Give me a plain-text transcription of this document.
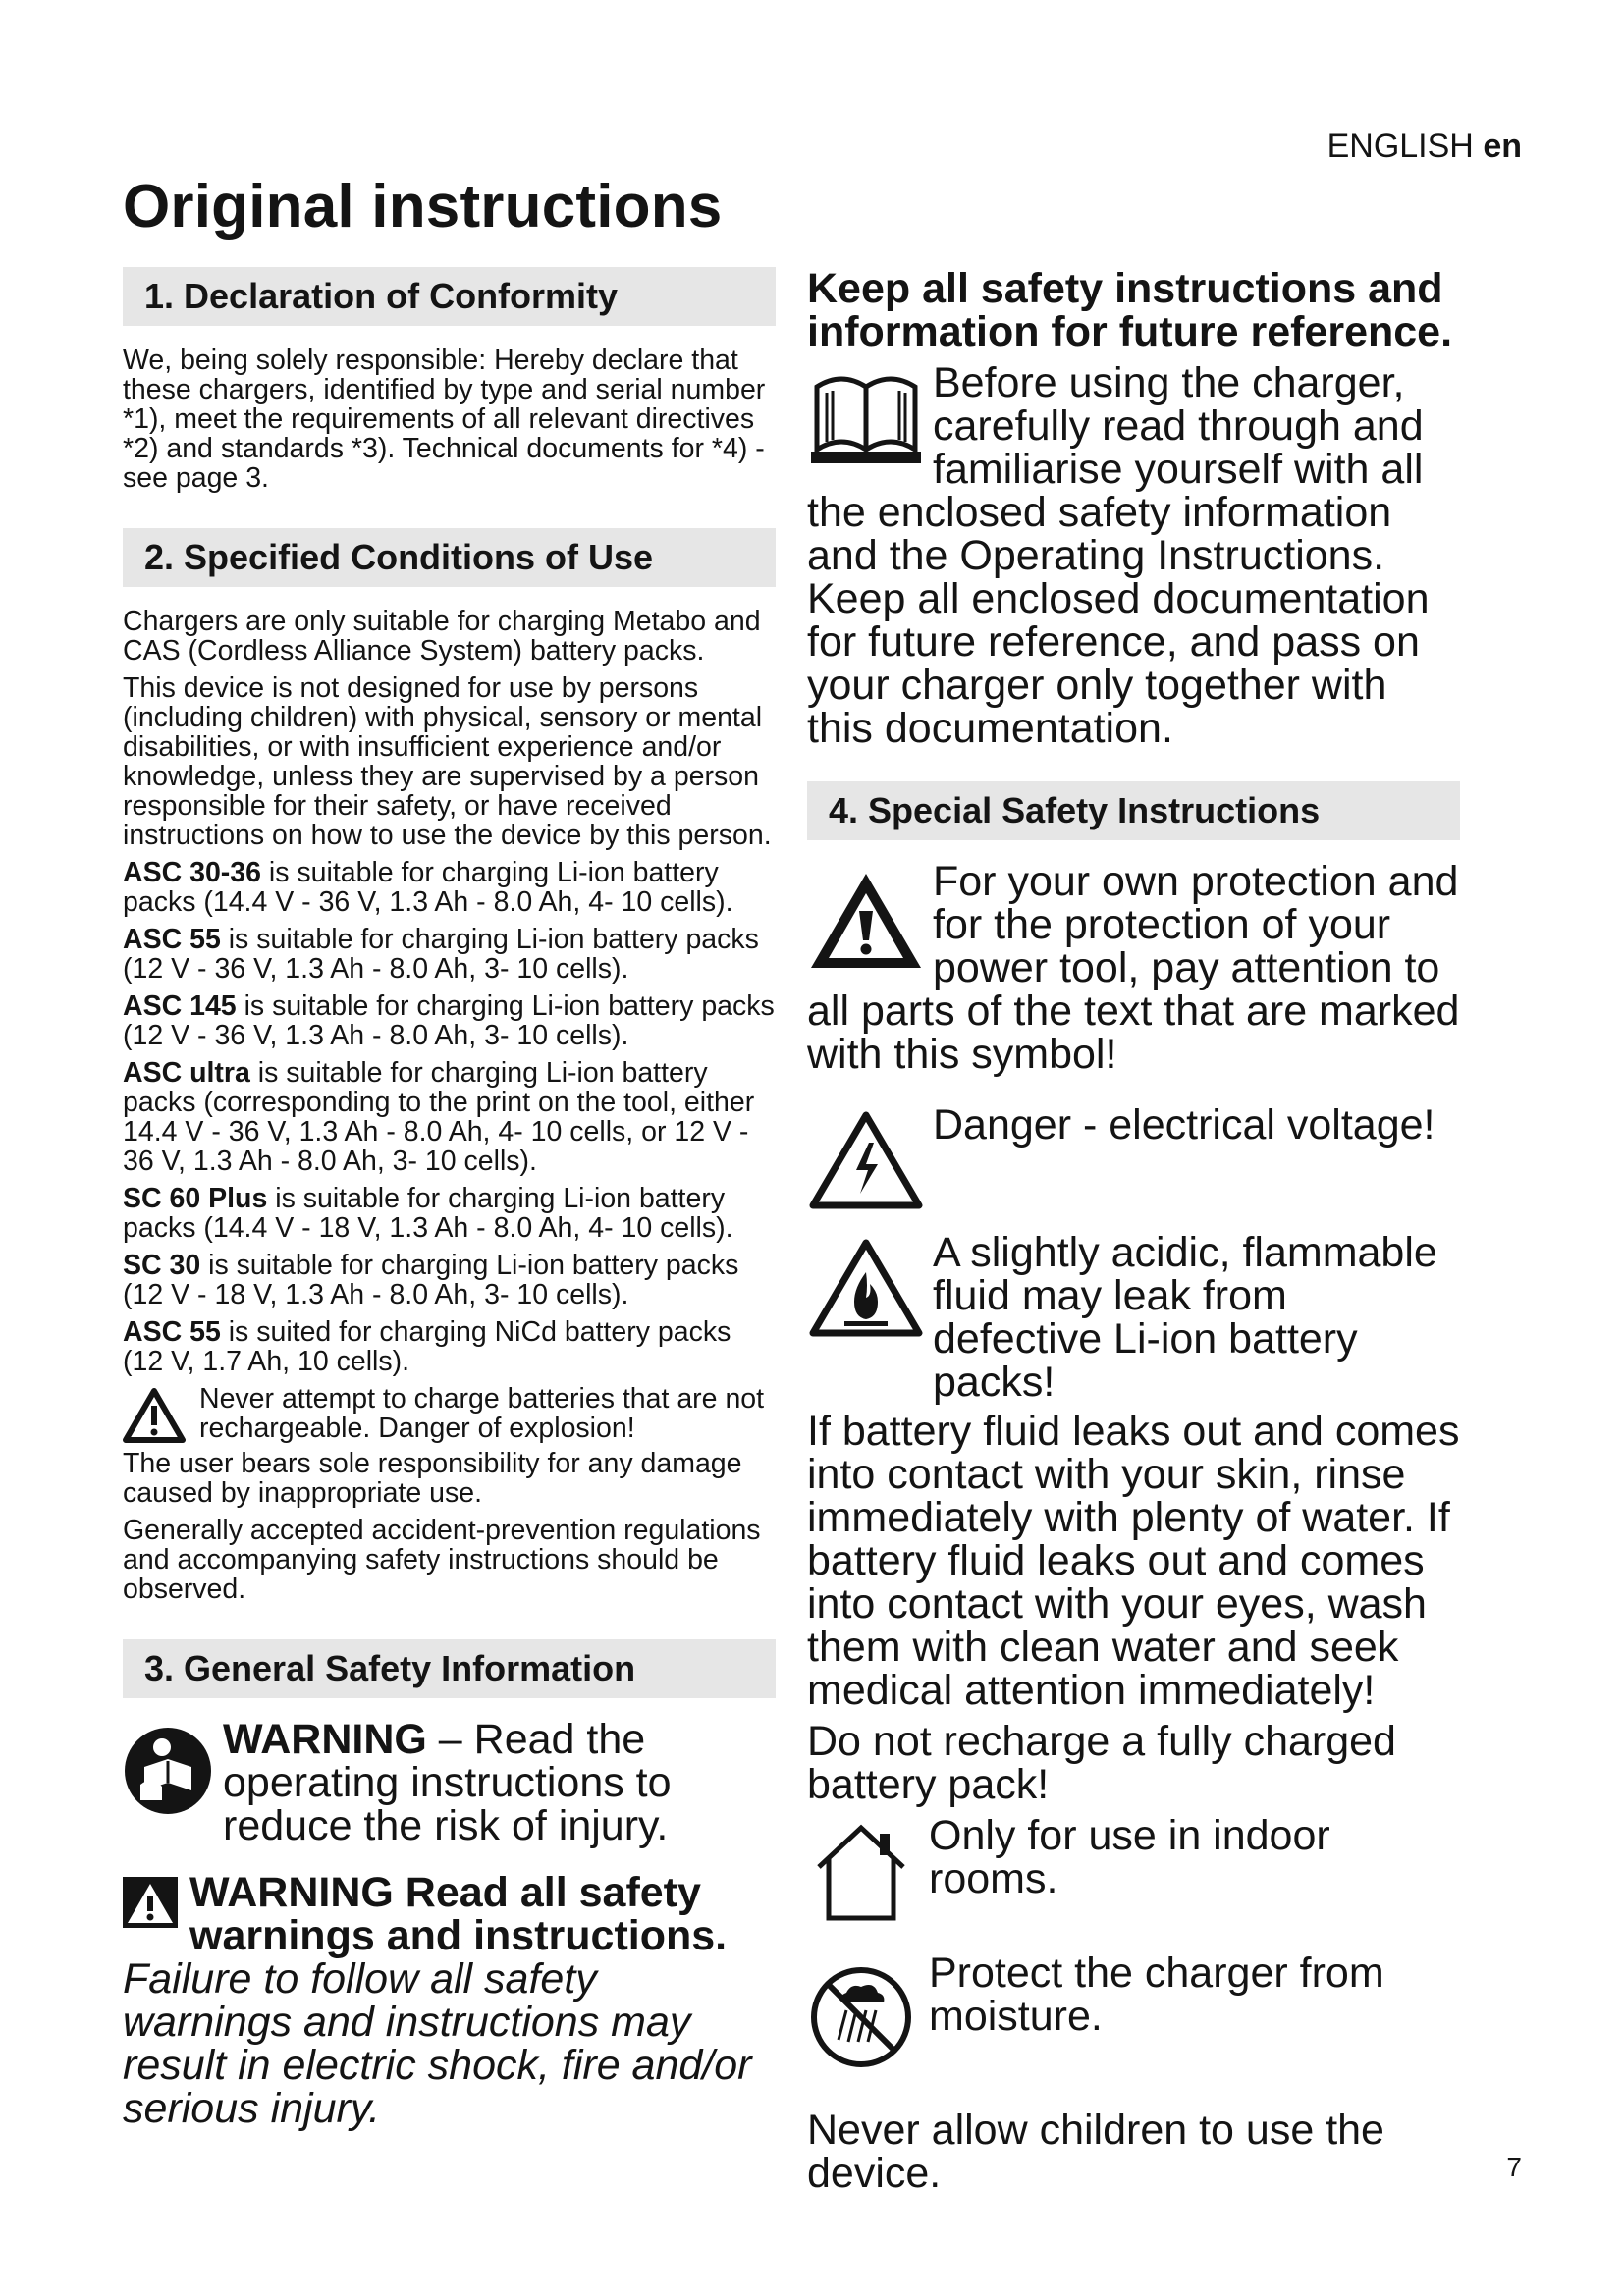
ENGLISH en
Original instructions
1. Declaration of Conformity

We, being solely responsible: Hereby declare that these chargers, identified by type and serial number *1), meet the requirements of all relevant directives *2) and standards *3). Technical documents for *4) - see page 3.

2. Specified Conditions of Use

Chargers are only suitable for charging Metabo and CAS (Cordless Alliance System) battery packs.

This device is not designed for use by persons (including children) with physical, sensory or mental disabilities, or with insufficient experience and/or knowledge, unless they are supervised by a person responsible for their safety, or have received instructions on how to use the device by this person.

ASC 30-36 is suitable for charging Li-ion battery packs (14.4 V - 36 V, 1.3 Ah - 8.0 Ah, 4- 10 cells).

ASC 55 is suitable for charging Li-ion battery packs (12 V - 36 V, 1.3 Ah - 8.0 Ah, 3- 10 cells).

ASC 145 is suitable for charging Li-ion battery packs (12 V - 36 V, 1.3 Ah - 8.0 Ah, 3- 10 cells).

ASC ultra is suitable for charging Li-ion battery packs (corresponding to the print on the tool, either 14.4 V - 36 V, 1.3 Ah - 8.0 Ah, 4- 10 cells, or 12 V - 36 V, 1.3 Ah - 8.0 Ah, 3- 10 cells).

SC 60 Plus is suitable for charging Li-ion battery packs (14.4 V - 18 V, 1.3 Ah - 8.0 Ah, 4- 10 cells).

SC 30 is suitable for charging Li-ion battery packs (12 V - 18 V, 1.3 Ah - 8.0 Ah, 3- 10 cells).

ASC 55 is suited for charging NiCd battery packs (12 V, 1.7 Ah, 10 cells).

Never attempt to charge batteries that are not rechargeable. Danger of explosion!

The user bears sole responsibility for any damage caused by inappropriate use.

Generally accepted accident-prevention regulations and accompanying safety instructions should be observed.

3. General Safety Information
WARNING – Read the operating instructions to reduce the risk of injury.

WARNING Read all safety warnings and instructions.

Failure to follow all safety warnings and instructions may result in electric shock, fire and/or serious injury.

Keep all safety instructions and information for future reference.

Before using the charger, carefully read through and familiarise yourself with all the enclosed safety information and the Operating Instructions. Keep all enclosed documentation for future reference, and pass on your charger only together with this documentation.
4. Special Safety Instructions
For your own protection and for the protection of your power tool, pay attention to all parts of the text that are marked with this symbol!
Danger - electrical voltage!
A slightly acidic, flammable fluid may leak from defective Li-ion battery packs!

If battery fluid leaks out and comes into contact with your skin, rinse immediately with plenty of water. If battery fluid leaks out and comes into contact with your eyes, wash them with clean water and seek medical attention immediately!

Do not recharge a fully charged battery pack!

Only for use in indoor rooms.
Protect the charger from moisture.

Never allow children to use the device.	7
